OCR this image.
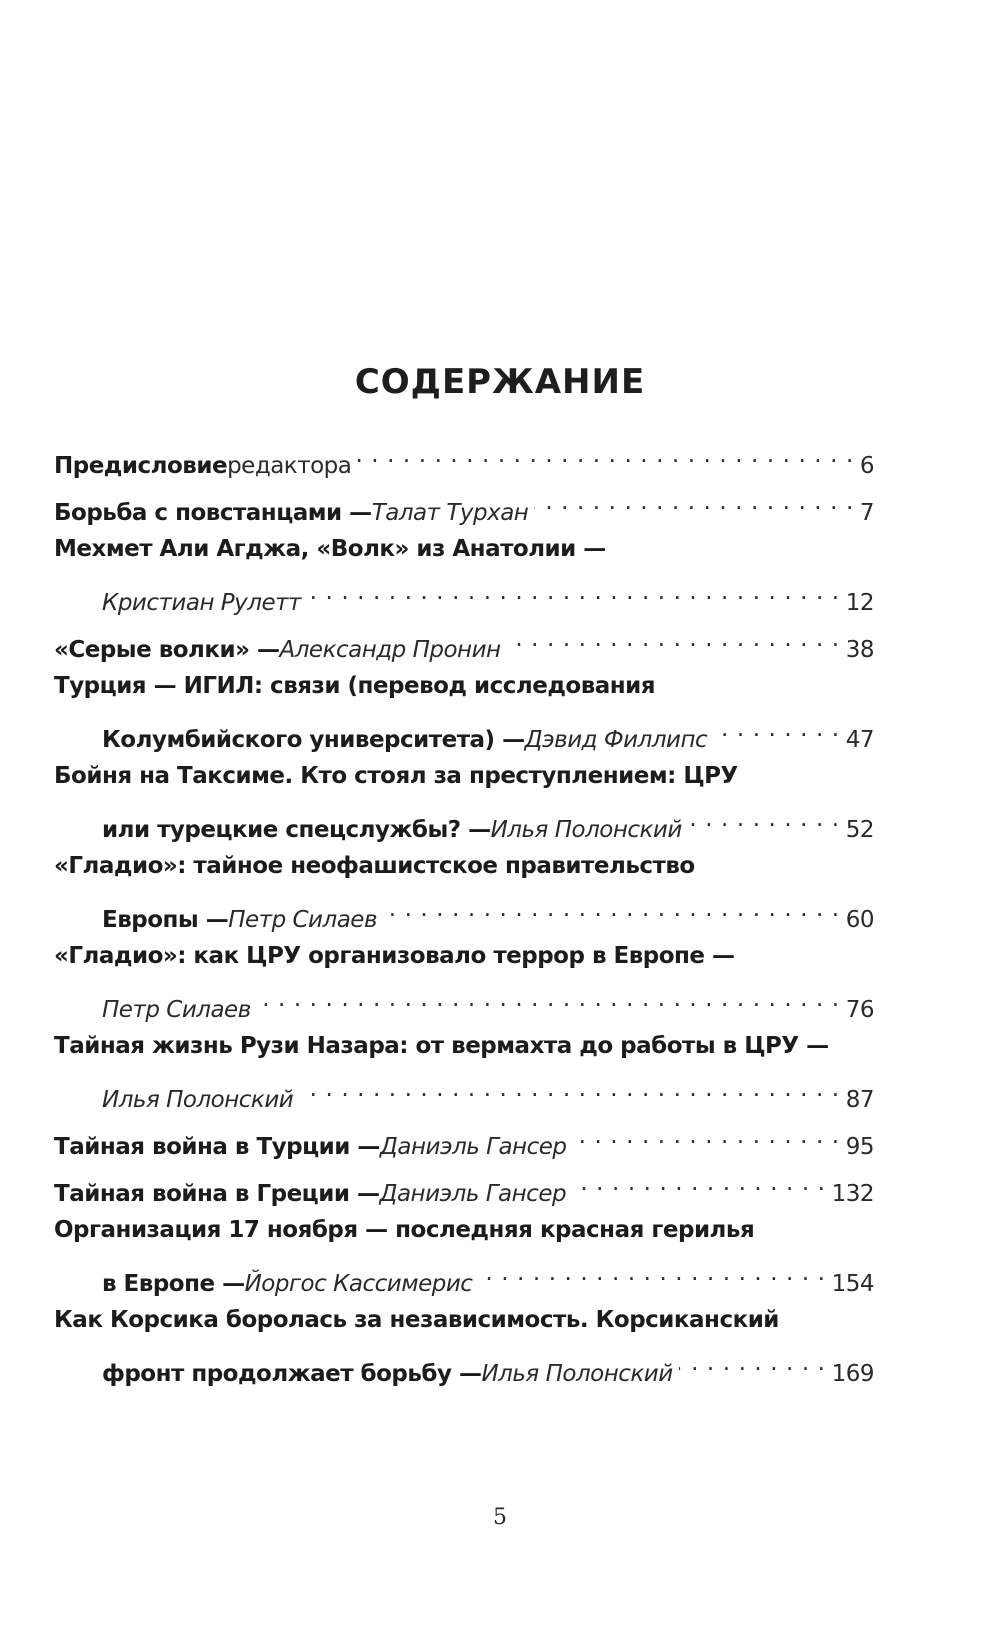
СОДЕРЖАНИЕ
Предисловие редактора . . .	6
Борьба с повстанцами — Талат Турхан . . .	7
Мехмет Али Агджа, «Волк» из Анатолии —
Кристиан Рулетт . . .	12
«Серые волки» — Александр Пронин . . .	38
Турция — ИГИЛ: связи (перевод исследования
Колумбийского университета) — Дэвид Филлипс . . .	47
Бойня на Таксиме. Кто стоял за преступлением: ЦРУ
или турецкие спецслужбы? — Илья Полонский . . .	52
«Гладио»: тайное неофашистское правительство
Европы — Петр Силаев . . .	60
«Гладио»: как ЦРУ организовало террор в Европе —
Петр Силаев . . .	76
Тайная жизнь Рузи Назара: от вермахта до работы в ЦРУ —
Илья Полонский . . .	87
Тайная война в Турции — Даниэль Гансер . . .	95
Тайная война в Греции — Даниэль Гансер . . .	132
Организация 17 ноября — последняя красная герилья
в Европе — Йоргос Кассимерис . . .	154
Как Корсика боролась за независимость. Корсиканский
фронт продолжает борьбу — Илья Полонский . . .	169
5
